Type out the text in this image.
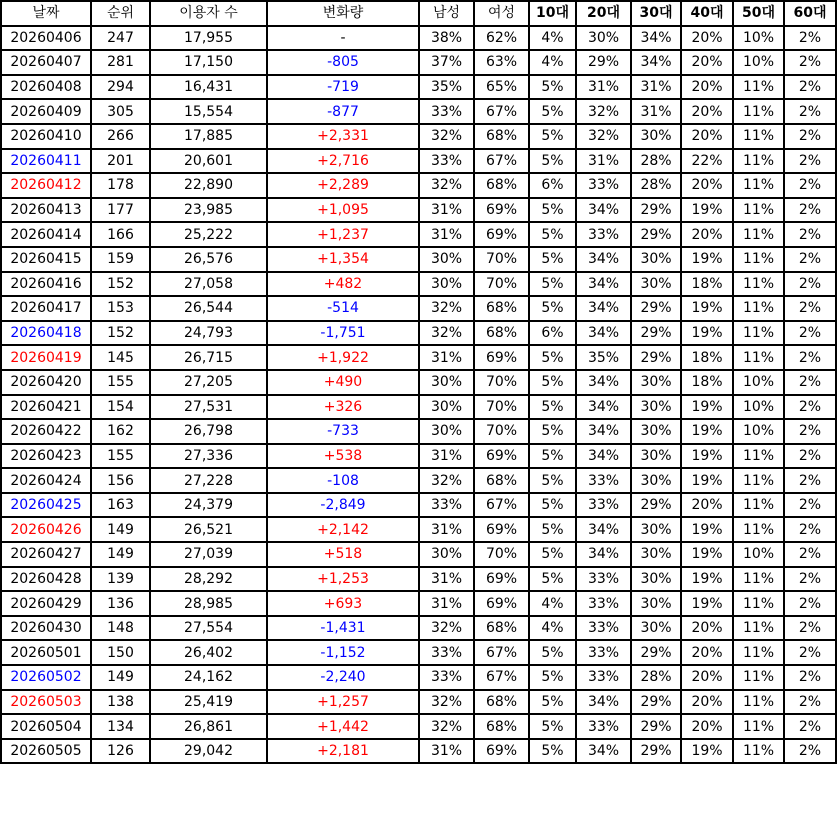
날짜	순위	이용자 수	변화량	남성	여성	10대	20대	30대	40대	50대	60대
20260406	247	17,955	-	38%	62%	4%	30%	34%	20%	10%	2%
20260407	281	17,150	-805	37%	63%	4%	29%	34%	20%	10%	2%
20260408	294	16,431	-719	35%	65%	5%	31%	31%	20%	11%	2%
20260409	305	15,554	-877	33%	67%	5%	32%	31%	20%	11%	2%
20260410	266	17,885	+2,331	32%	68%	5%	32%	30%	20%	11%	2%
20260411	201	20,601	+2,716	33%	67%	5%	31%	28%	22%	11%	2%
20260412	178	22,890	+2,289	32%	68%	6%	33%	28%	20%	11%	2%
20260413	177	23,985	+1,095	31%	69%	5%	34%	29%	19%	11%	2%
20260414	166	25,222	+1,237	31%	69%	5%	33%	29%	20%	11%	2%
20260415	159	26,576	+1,354	30%	70%	5%	34%	30%	19%	11%	2%
20260416	152	27,058	+482	30%	70%	5%	34%	30%	18%	11%	2%
20260417	153	26,544	-514	32%	68%	5%	34%	29%	19%	11%	2%
20260418	152	24,793	-1,751	32%	68%	6%	34%	29%	19%	11%	2%
20260419	145	26,715	+1,922	31%	69%	5%	35%	29%	18%	11%	2%
20260420	155	27,205	+490	30%	70%	5%	34%	30%	18%	10%	2%
20260421	154	27,531	+326	30%	70%	5%	34%	30%	19%	10%	2%
20260422	162	26,798	-733	30%	70%	5%	34%	30%	19%	10%	2%
20260423	155	27,336	+538	31%	69%	5%	34%	30%	19%	11%	2%
20260424	156	27,228	-108	32%	68%	5%	33%	30%	19%	11%	2%
20260425	163	24,379	-2,849	33%	67%	5%	33%	29%	20%	11%	2%
20260426	149	26,521	+2,142	31%	69%	5%	34%	30%	19%	11%	2%
20260427	149	27,039	+518	30%	70%	5%	34%	30%	19%	10%	2%
20260428	139	28,292	+1,253	31%	69%	5%	33%	30%	19%	11%	2%
20260429	136	28,985	+693	31%	69%	4%	33%	30%	19%	11%	2%
20260430	148	27,554	-1,431	32%	68%	4%	33%	30%	20%	11%	2%
20260501	150	26,402	-1,152	33%	67%	5%	33%	29%	20%	11%	2%
20260502	149	24,162	-2,240	33%	67%	5%	33%	28%	20%	11%	2%
20260503	138	25,419	+1,257	32%	68%	5%	34%	29%	20%	11%	2%
20260504	134	26,861	+1,442	32%	68%	5%	33%	29%	20%	11%	2%
20260505	126	29,042	+2,181	31%	69%	5%	34%	29%	19%	11%	2%
